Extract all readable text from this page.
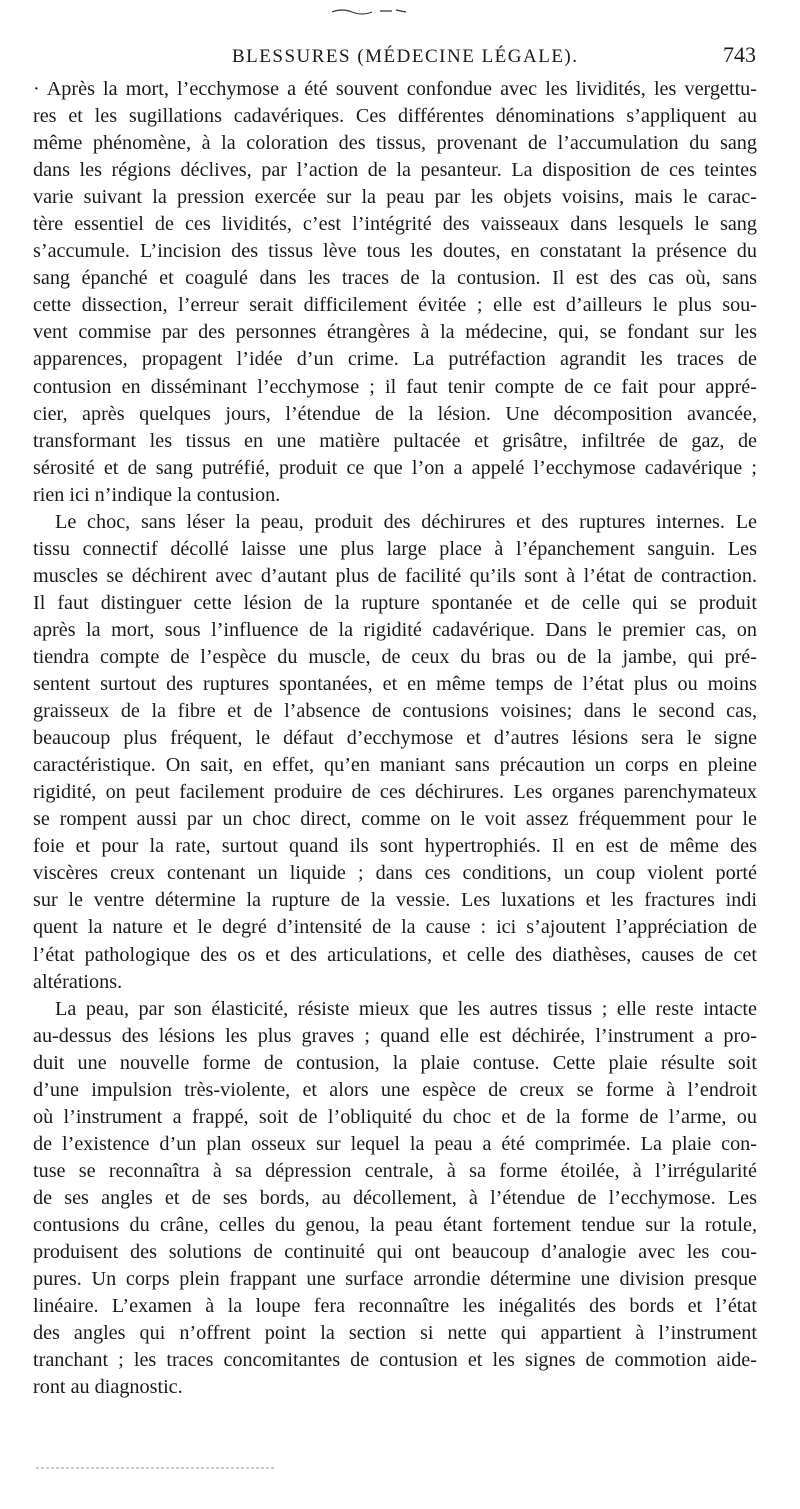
BLESSURES (MÉDECINE LÉGALE).	743
· Après la mort, l’ecchymose a été souvent confondue avec les lividités, les vergettu-
res et les sugillations cadavériques. Ces différentes dénominations s’appliquent au
même phénomène, à la coloration des tissus, provenant de l’accumulation du sang
dans les régions déclives, par l’action de la pesanteur. La disposition de ces teintes
varie suivant la pression exercée sur la peau par les objets voisins, mais le carac-
tère essentiel de ces lividités, c’est l’intégrité des vaisseaux dans lesquels le sang
s’accumule. L’incision des tissus lève tous les doutes, en constatant la présence du
sang épanché et coagulé dans les traces de la contusion. Il est des cas où, sans
cette dissection, l’erreur serait difficilement évitée ; elle est d’ailleurs le plus sou-
vent commise par des personnes étrangères à la médecine, qui, se fondant sur les
apparences, propagent l’idée d’un crime. La putréfaction agrandit les traces de
contusion en disséminant l’ecchymose ; il faut tenir compte de ce fait pour appré-
cier, après quelques jours, l’étendue de la lésion. Une décomposition avancée,
transformant les tissus en une matière pultacée et grisâtre, infiltrée de gaz, de
sérosité et de sang putréfié, produit ce que l’on a appelé l’ecchymose cadavérique ;
rien ici n’indique la contusion.
Le choc, sans léser la peau, produit des déchirures et des ruptures internes. Le
tissu connectif décollé laisse une plus large place à l’épanchement sanguin. Les
muscles se déchirent avec d’autant plus de facilité qu’ils sont à l’état de contraction.
Il faut distinguer cette lésion de la rupture spontanée et de celle qui se produit
après la mort, sous l’influence de la rigidité cadavérique. Dans le premier cas, on
tiendra compte de l’espèce du muscle, de ceux du bras ou de la jambe, qui pré-
sentent surtout des ruptures spontanées, et en même temps de l’état plus ou moins
graisseux de la fibre et de l’absence de contusions voisines; dans le second cas,
beaucoup plus fréquent, le défaut d’ecchymose et d’autres lésions sera le signe
caractéristique. On sait, en effet, qu’en maniant sans précaution un corps en pleine
rigidité, on peut facilement produire de ces déchirures. Les organes parenchymateux
se rompent aussi par un choc direct, comme on le voit assez fréquemment pour le
foie et pour la rate, surtout quand ils sont hypertrophiés. Il en est de même des
viscères creux contenant un liquide ; dans ces conditions, un coup violent porté
sur le ventre détermine la rupture de la vessie. Les luxations et les fractures indi
quent la nature et le degré d’intensité de la cause : ici s’ajoutent l’appréciation de
l’état pathologique des os et des articulations, et celle des diathèses, causes de cet
altérations.
La peau, par son élasticité, résiste mieux que les autres tissus ; elle reste intacte
au-dessus des lésions les plus graves ; quand elle est déchirée, l’instrument a pro-
duit une nouvelle forme de contusion, la plaie contuse. Cette plaie résulte soit
d’une impulsion très-violente, et alors une espèce de creux se forme à l’endroit
où l’instrument a frappé, soit de l’obliquité du choc et de la forme de l’arme, ou
de l’existence d’un plan osseux sur lequel la peau a été comprimée. La plaie con-
tuse se reconnaîtra à sa dépression centrale, à sa forme étoilée, à l’irrégularité
de ses angles et de ses bords, au décollement, à l’étendue de l’ecchymose. Les
contusions du crâne, celles du genou, la peau étant fortement tendue sur la rotule,
produisent des solutions de continuité qui ont beaucoup d’analogie avec les cou-
pures. Un corps plein frappant une surface arrondie détermine une division presque
linéaire. L’examen à la loupe fera reconnaître les inégalités des bords et l’état
des angles qui n’offrent point la section si nette qui appartient à l’instrument
tranchant ; les traces concomitantes de contusion et les signes de commotion aide-
ront au diagnostic.
